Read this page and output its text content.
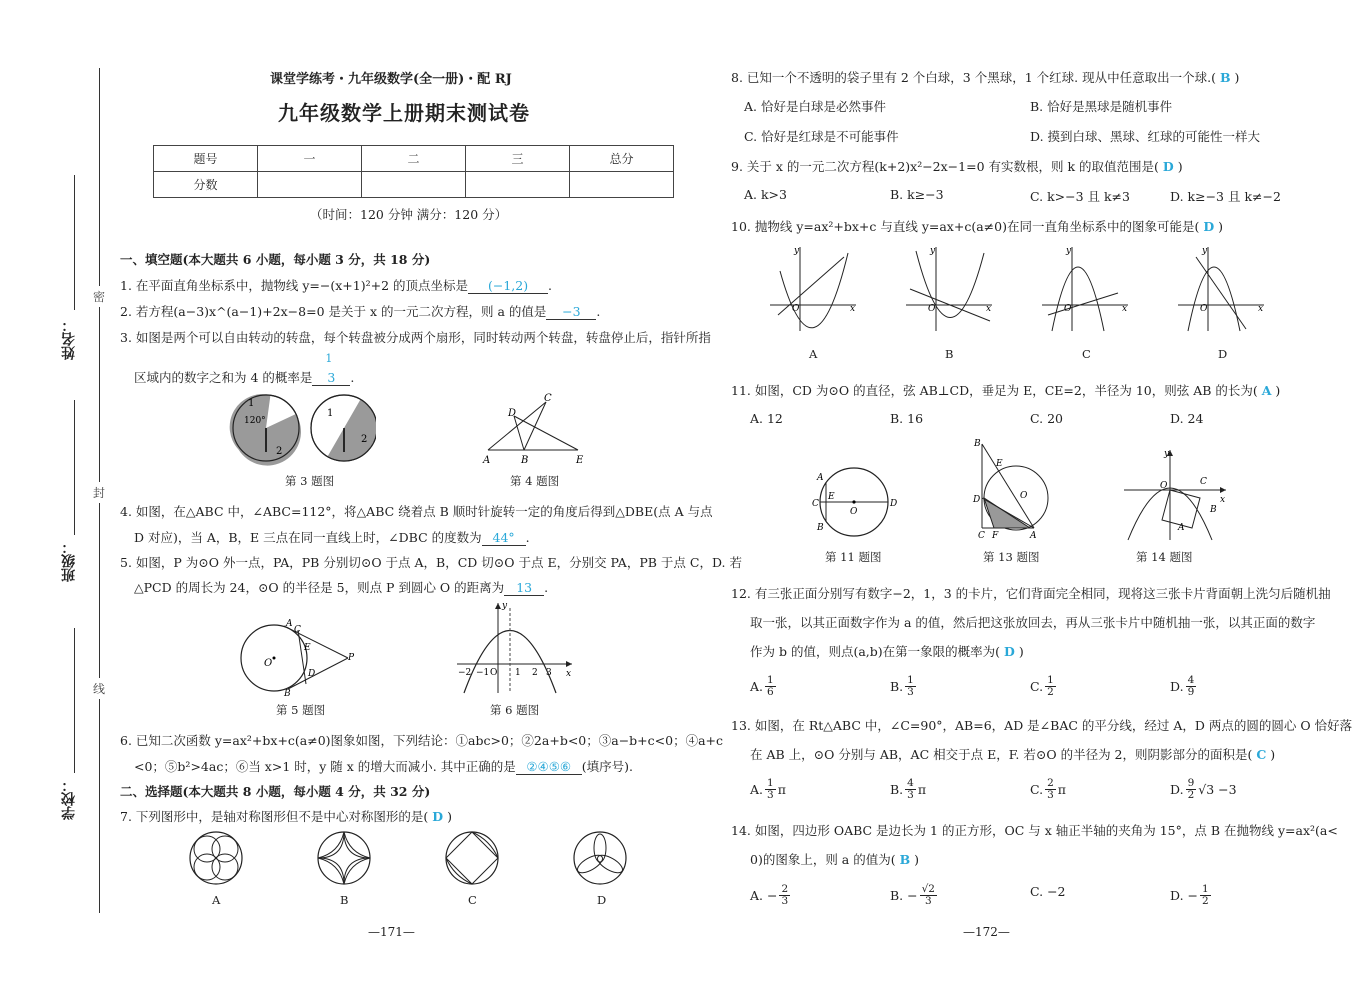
密
封
线
姓名：
班级：
学校：
课堂学练考・九年级数学(全一册)・配 RJ
九年级数学上册期末测试卷
题号	一	二	三	总分
分数				
（时间：120 分钟 满分：120 分）
一、填空题(本大题共 6 小题，每小题 3 分，共 18 分)
1. 在平面直角坐标系中，抛物线 y=−(x+1)²+2 的顶点坐标是 (−1,2) .
2. 若方程(a−3)x^(a−1)+2x−8=0 是关于 x 的一元二次方程，则 a 的值是 −3 .
3. 如图是两个可以自由转动的转盘，每个转盘被分成两个扇形，同时转动两个转盘，转盘停止后，指针所指
区域内的数字之和为 4 的概率是
1
3 .
1
120°
2
1
2
第 3 题图
D
C
A	B	E
第 4 题图
4. 如图，在△ABC 中，∠ABC=112°，将△ABC 绕着点 B 顺时针旋转一定的角度后得到△DBE(点 A 与点
D 对应)，当 A，B，E 三点在同一直线上时，∠DBC 的度数为 44° .
5. 如图，P 为⊙O 外一点，PA，PB 分别切⊙O 于点 A，B，CD 切⊙O 于点 E，分别交 PA，PB 于点 C，D. 若
△PCD 的周长为 24，⊙O 的半径是 5，则点 P 到圆心 O 的距离为 13 .
O
A
C
E
P
D
B
第 5 题图
y
x
−2 −1 O 1 2 3
第 6 题图
6. 已知二次函数 y=ax²+bx+c(a≠0)图象如图，下列结论：①abc>0；②2a+b<0；③a−b+c<0；④a+c
<0；⑤b²>4ac；⑥当 x>1 时，y 随 x 的增大而减小. 其中正确的是 ②④⑤⑥ (填序号).
二、选择题(本大题共 8 小题，每小题 4 分，共 32 分)
7. 下列图形中，是轴对称图形但不是中心对称图形的是( D )
A	B	C	D
—171—
8. 已知一个不透明的袋子里有 2 个白球，3 个黑球，1 个红球. 现从中任意取出一个球.( B )
A. 恰好是白球是必然事件	B. 恰好是黑球是随机事件
C. 恰好是红球是不可能事件	D. 摸到白球、黑球、红球的可能性一样大
9. 关于 x 的一元二次方程(k+2)x²−2x−1=0 有实数根，则 k 的取值范围是( D )
A. k>3	B. k≥−3	C. k>−3 且 k≠3	D. k≥−3 且 k≠−2
10. 抛物线 y=ax²+bx+c 与直线 y=ax+c(a≠0)在同一直角坐标系中的图象可能是( D )
O	x
y
O	x
y
O	x
y
O	x
y
A	B	C	D
11. 如图，CD 为⊙O 的直径，弦 AB⊥CD，垂足为 E，CE=2，半径为 10，则弦 AB 的长为( A )
A. 12	B. 16	C. 20	D. 24
A
C
E
O
D
B
第 11 题图
B
D	O
E
C F	A
第 13 题图
y
x
O	C
B
A
第 14 题图
12. 有三张正面分别写有数字−2，1，3 的卡片，它们背面完全相同，现将这三张卡片背面朝上洗匀后随机抽
取一张，以其正面数字作为 a 的值，然后把这张放回去，再从三张卡片中随机抽一张，以其正面的数字
作为 b 的值，则点(a,b)在第一象限的概率为( D )
A. 1
6	B. 1
3	C. 1
2	D. 4
9
13. 如图，在 Rt△ABC 中，∠C=90°，AB=6，AD 是∠BAC 的平分线，经过 A，D 两点的圆的圆心 O 恰好落
在 AB 上，⊙O 分别与 AB，AC 相交于点 E，F. 若⊙O 的半径为 2，则阴影部分的面积是( C )
A. 1
3 π	B. 4
3 π	C. 2
3 π	D. 9
2 √3 −3
14. 如图，四边形 OABC 是边长为 1 的正方形，OC 与 x 轴正半轴的夹角为 15°，点 B 在抛物线 y=ax²(a<
0)的图象上，则 a 的值为( B )
A. − $\frac{2}{3}$	B. − $\frac{√2}{3}$	C. −2	D. − $\frac{1}{2}$
—172—
